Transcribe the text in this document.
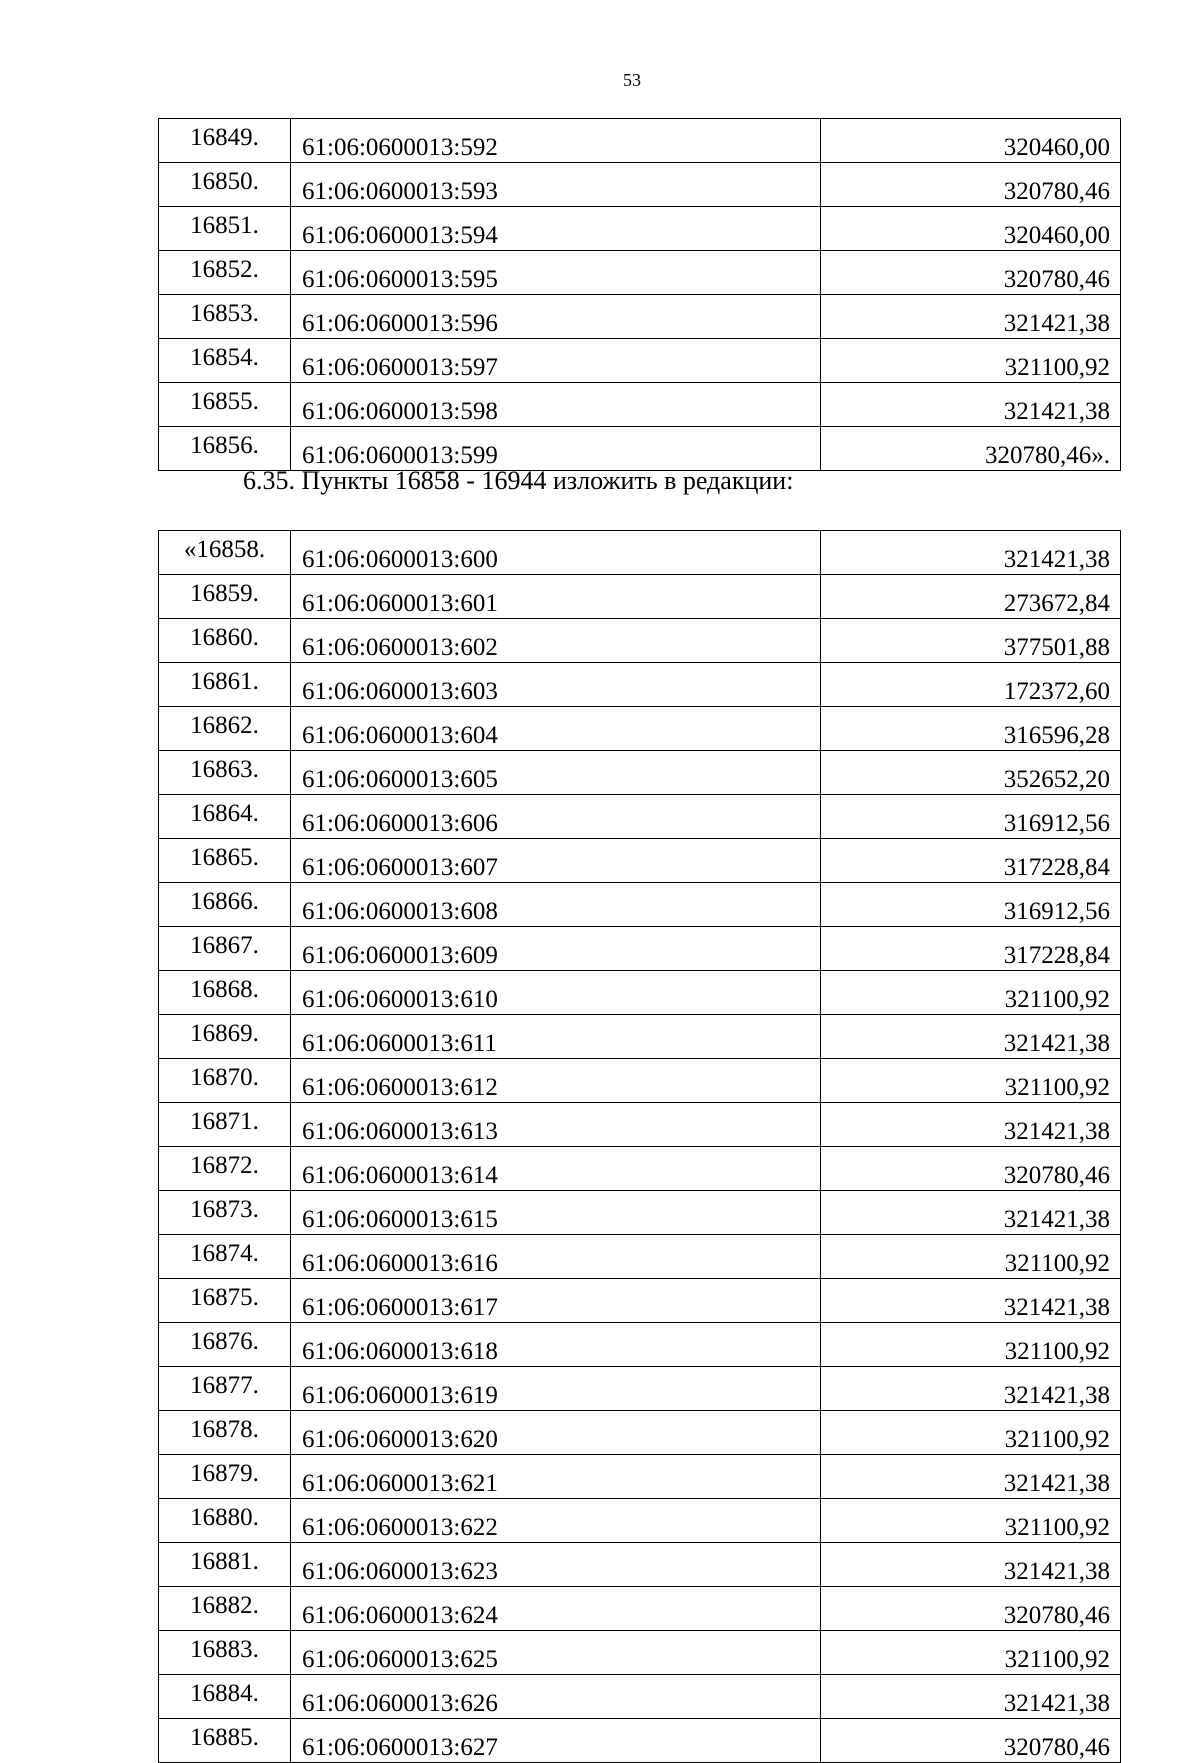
53
16849.	61:06:0600013:592	320460,00
16850.	61:06:0600013:593	320780,46
16851.	61:06:0600013:594	320460,00
16852.	61:06:0600013:595	320780,46
16853.	61:06:0600013:596	321421,38
16854.	61:06:0600013:597	321100,92
16855.	61:06:0600013:598	321421,38
16856.	61:06:0600013:599	320780,46».
6.35. Пункты 16858 - 16944 изложить в редакции:
«16858.	61:06:0600013:600	321421,38
16859.	61:06:0600013:601	273672,84
16860.	61:06:0600013:602	377501,88
16861.	61:06:0600013:603	172372,60
16862.	61:06:0600013:604	316596,28
16863.	61:06:0600013:605	352652,20
16864.	61:06:0600013:606	316912,56
16865.	61:06:0600013:607	317228,84
16866.	61:06:0600013:608	316912,56
16867.	61:06:0600013:609	317228,84
16868.	61:06:0600013:610	321100,92
16869.	61:06:0600013:611	321421,38
16870.	61:06:0600013:612	321100,92
16871.	61:06:0600013:613	321421,38
16872.	61:06:0600013:614	320780,46
16873.	61:06:0600013:615	321421,38
16874.	61:06:0600013:616	321100,92
16875.	61:06:0600013:617	321421,38
16876.	61:06:0600013:618	321100,92
16877.	61:06:0600013:619	321421,38
16878.	61:06:0600013:620	321100,92
16879.	61:06:0600013:621	321421,38
16880.	61:06:0600013:622	321100,92
16881.	61:06:0600013:623	321421,38
16882.	61:06:0600013:624	320780,46
16883.	61:06:0600013:625	321100,92
16884.	61:06:0600013:626	321421,38
16885.	61:06:0600013:627	320780,46
